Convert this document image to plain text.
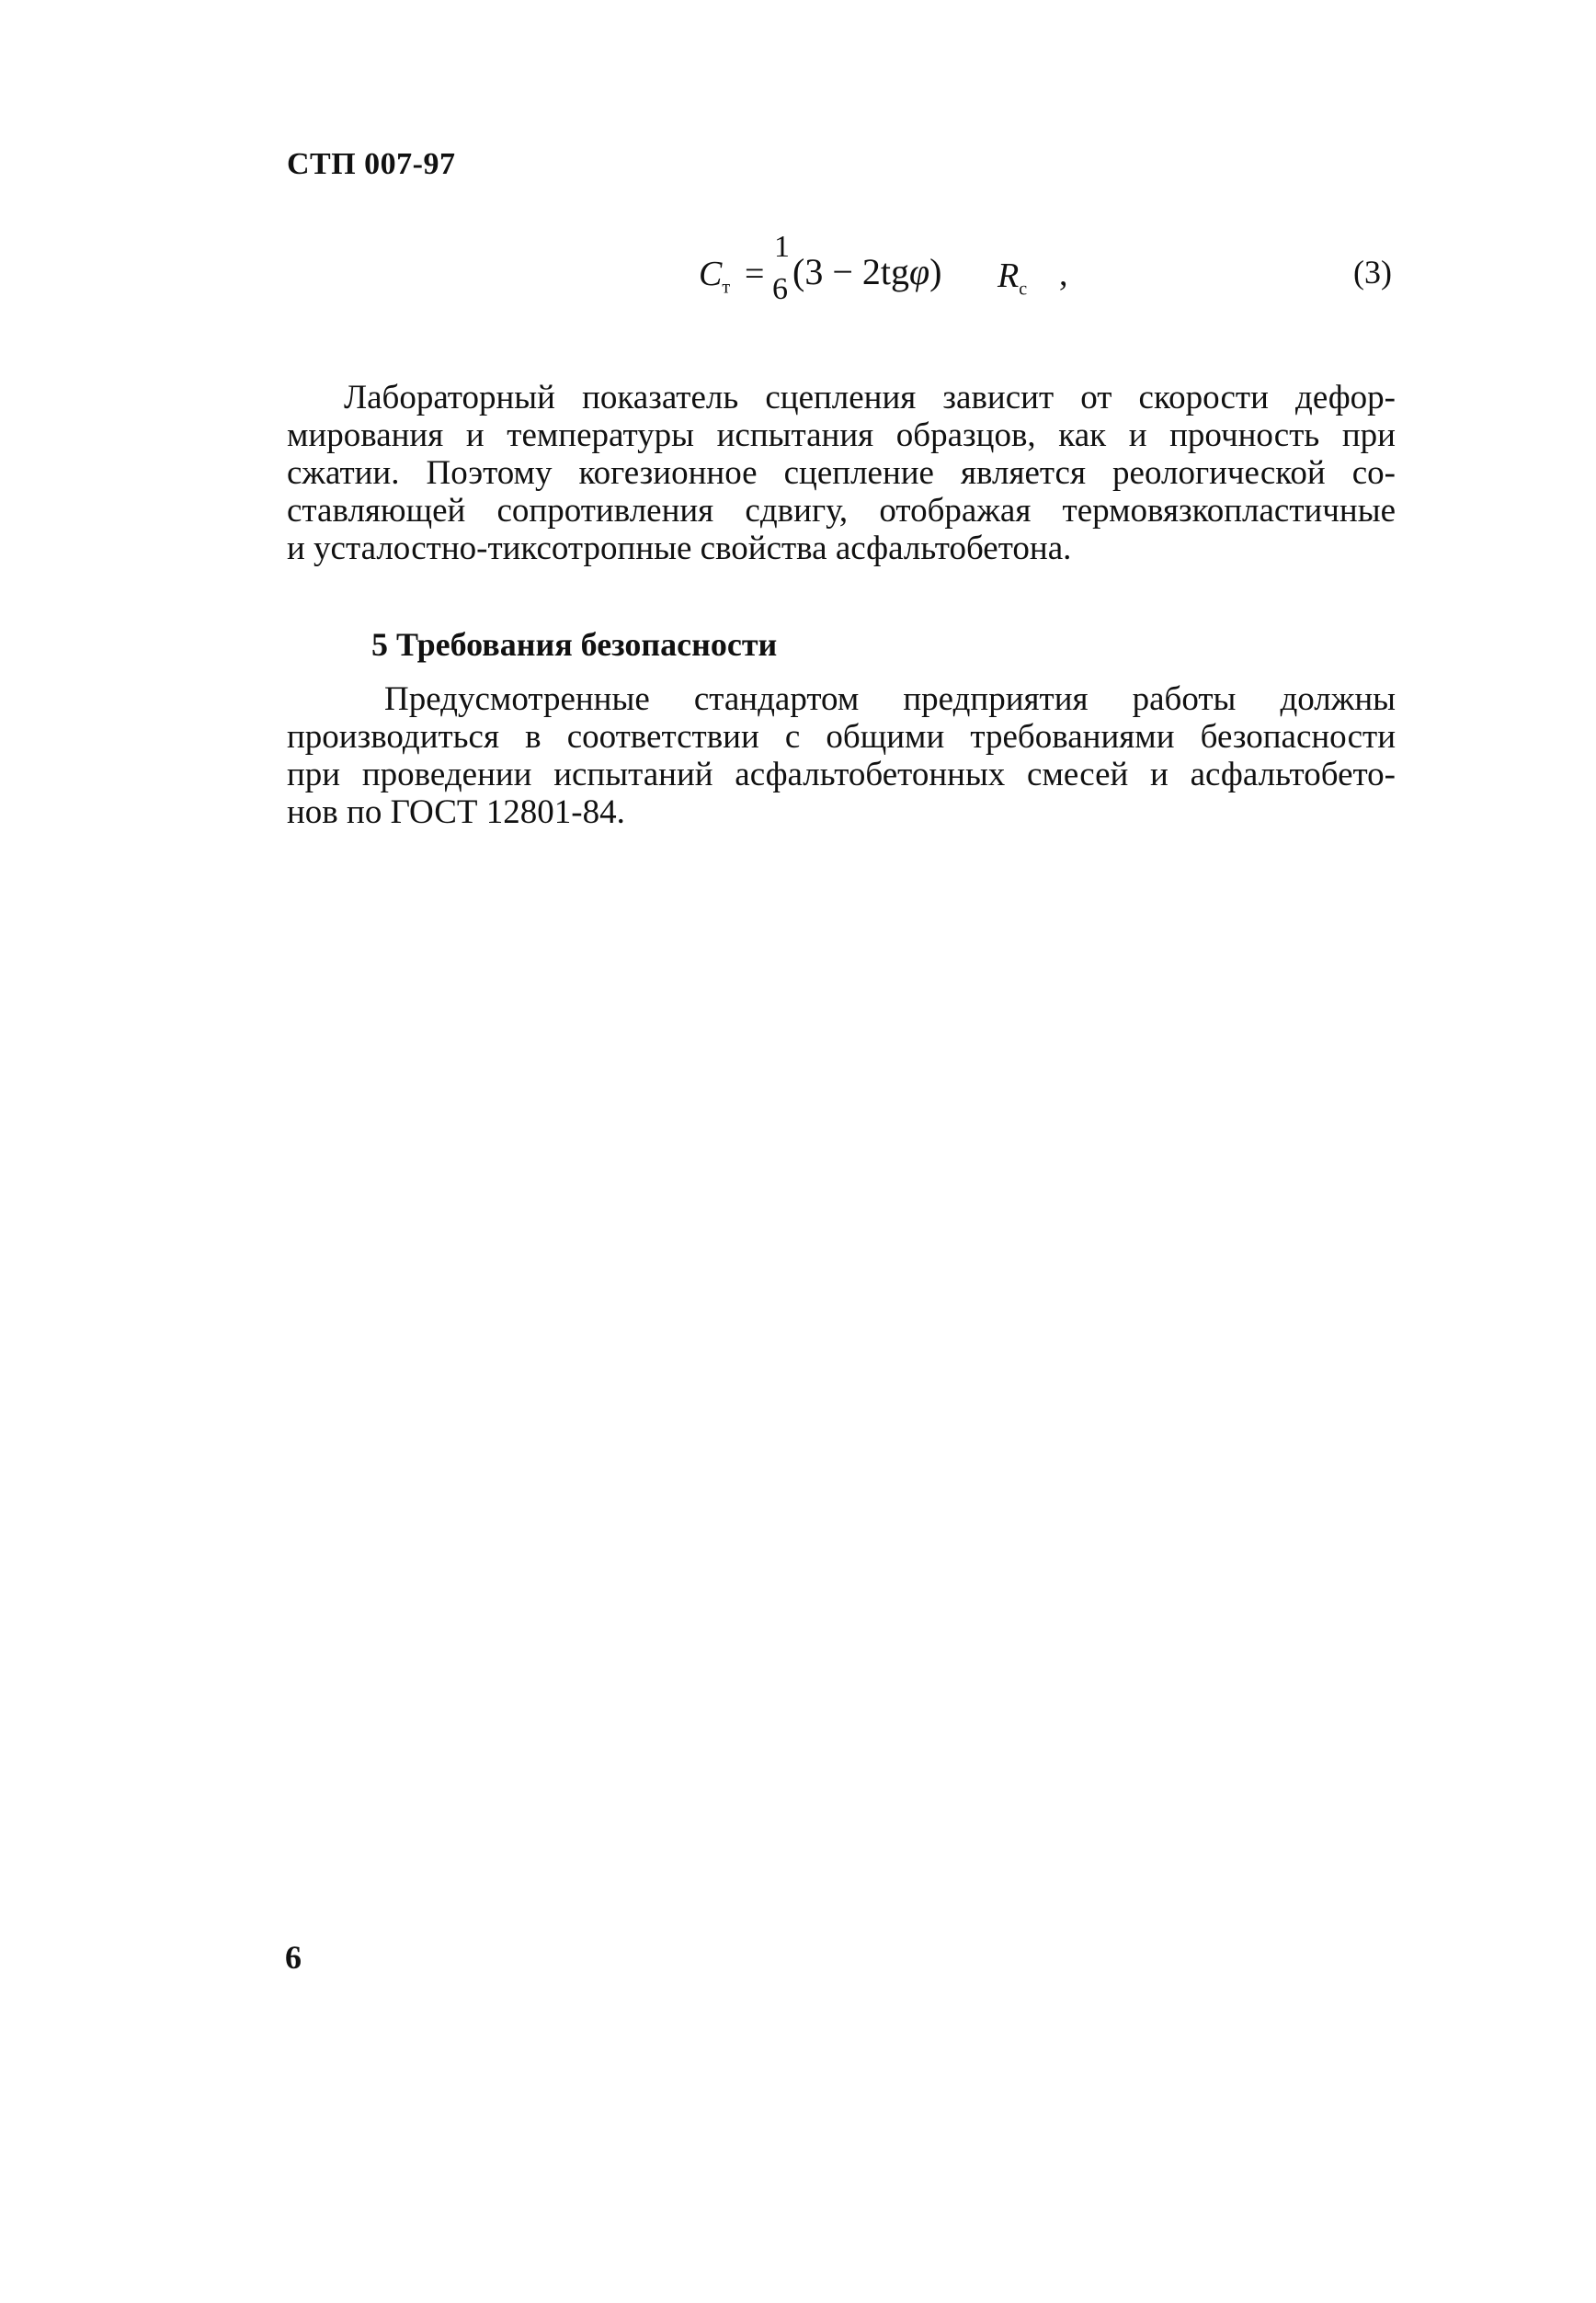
СТП 007-97
$C_т$ =
1
6 (3 − 2tgφ) $R_с$ ,	(3)

Лабораторный показатель сцепления зависит от скорости дефор-
мирования и температуры испытания образцов, как и прочность при
сжатии. Поэтому когезионное сцепление является реологической со-
ставляющей сопротивления сдвигу, отображая термовязкопластичные
и усталостно-тиксотропные свойства асфальтобетона.

5 Требования безопасности

Предусмотренные стандартом предприятия работы должны
производиться в соответствии с общими требованиями безопасности
при проведении испытаний асфальтобетонных смесей и асфальтобето-
нов по ГОСТ 12801-84.

6
